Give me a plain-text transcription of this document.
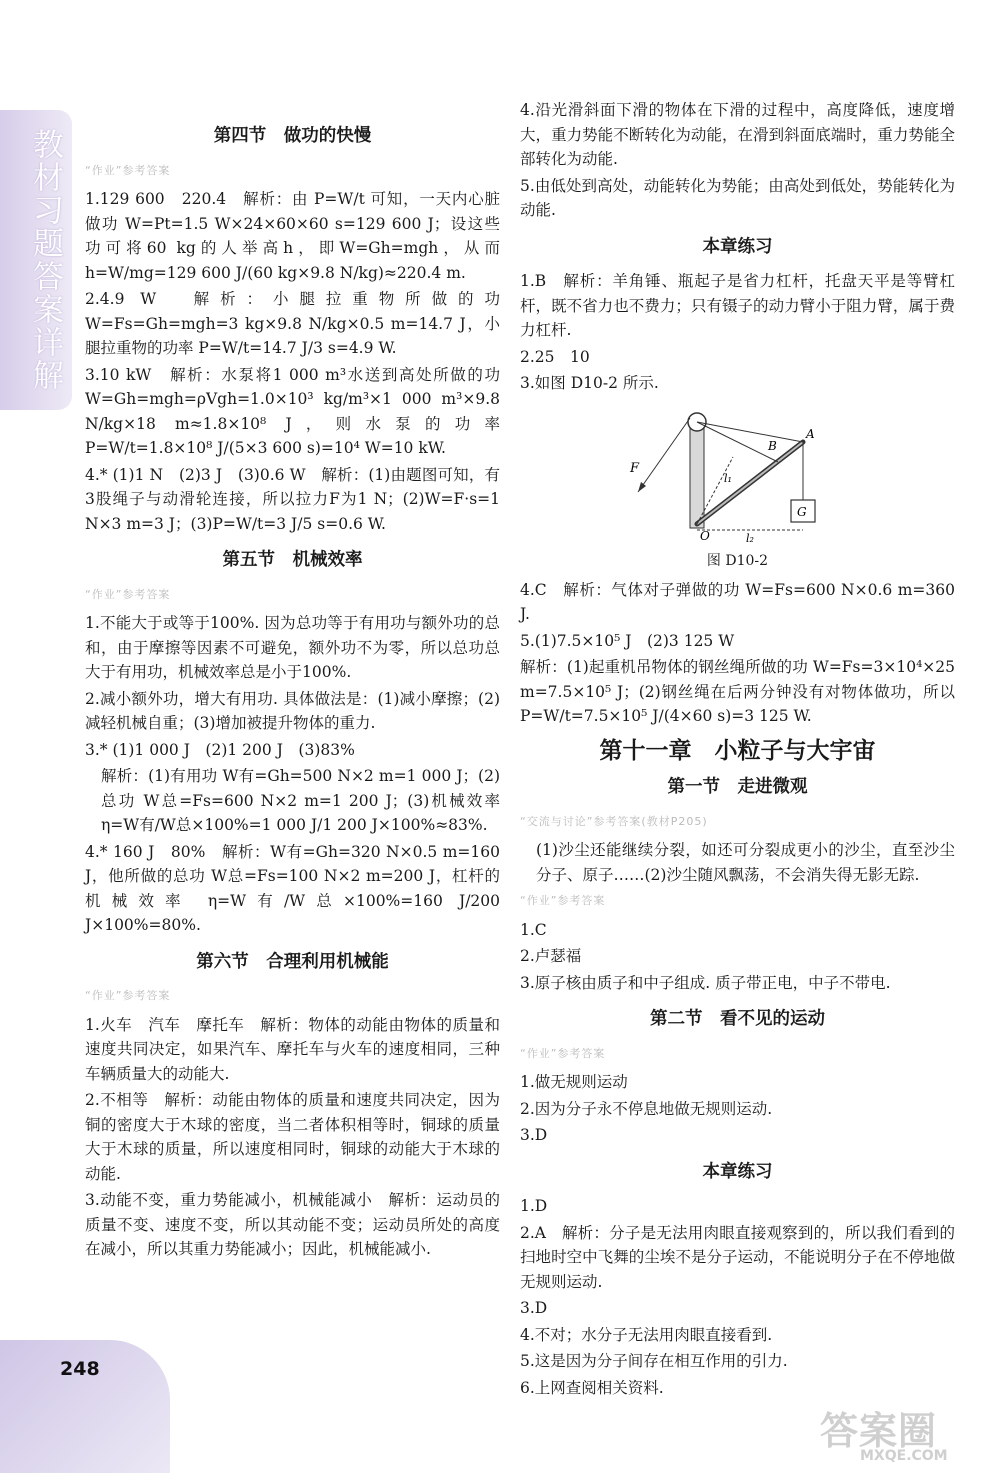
教材习题答案详解	第四节　做功的快慢
“作业”参考答案
1.129 600　220.4　解析：由 P=W/t 可知，一天内心脏做功 W=Pt=1.5 W×24×60×60 s=129 600 J；设这些功可将60 kg的人举高h，即W=Gh=mgh，从而h=W/mg=129 600 J/(60 kg×9.8 N/kg)≈220.4 m.
2.4.9 W　解析：小腿拉重物所做的功 W=Fs=Gh=mgh=3 kg×9.8 N/kg×0.5 m=14.7 J，小腿拉重物的功率 P=W/t=14.7 J/3 s=4.9 W.
3.10 kW　解析：水泵将1 000 m³水送到高处所做的功 W=Gh=mgh=ρVgh=1.0×10³ kg/m³×1 000 m³×9.8 N/kg×18 m≈1.8×10⁸ J，则水泵的功率 P=W/t=1.8×10⁸ J/(5×3 600 s)=10⁴ W=10 kW.
4.* (1)1 N　(2)3 J　(3)0.6 W　解析：(1)由题图可知，有3股绳子与动滑轮连接，所以拉力F为1 N；(2)W=F·s=1 N×3 m=3 J；(3)P=W/t=3 J/5 s=0.6 W.
第五节　机械效率
“作业”参考答案
1.不能大于或等于100%. 因为总功等于有用功与额外功的总和，由于摩擦等因素不可避免，额外功不为零，所以总功总大于有用功，机械效率总是小于100%.
2.减小额外功，增大有用功. 具体做法是：(1)减小摩擦；(2)减轻机械自重；(3)增加被提升物体的重力.
3.* (1)1 000 J　(2)1 200 J　(3)83%
解析：(1)有用功 W有=Gh=500 N×2 m=1 000 J；(2)总功 W总=Fs=600 N×2 m=1 200 J；(3)机械效率 η=W有/W总×100%=1 000 J/1 200 J×100%≈83%.
4.* 160 J　80%　解析：W有=Gh=320 N×0.5 m=160 J，他所做的总功 W总=Fs=100 N×2 m=200 J，杠杆的机械效率 η=W有/W总×100%=160 J/200 J×100%=80%.
第六节　合理利用机械能
“作业”参考答案
1.火车　汽车　摩托车　解析：物体的动能由物体的质量和速度共同决定，如果汽车、摩托车与火车的速度相同，三种车辆质量大的动能大.
2.不相等　解析：动能由物体的质量和速度共同决定，因为铜的密度大于木球的密度，当二者体积相等时，铜球的质量大于木球的质量，所以速度相同时，铜球的动能大于木球的动能.
3.动能不变，重力势能减小，机械能减小　解析：运动员的质量不变、速度不变，所以其动能不变；运动员所处的高度在减小，所以其重力势能减小；因此，机械能减小.
4.沿光滑斜面下滑的物体在下滑的过程中，高度降低，速度增大，重力势能不断转化为动能，在滑到斜面底端时，重力势能全部转化为动能.
5.由低处到高处，动能转化为势能；由高处到低处，势能转化为动能.
本章练习
1.B　解析：羊角锤、瓶起子是省力杠杆，托盘天平是等臂杠杆，既不省力也不费力；只有镊子的动力臂小于阻力臂，属于费力杠杆.
2.25　10
3.如图 D10-2 所示.
F
B
A
l₁
l₂
O
G
图 D10-2
4.C　解析：气体对子弹做的功 W=Fs=600 N×0.6 m=360 J.
5.(1)7.5×10⁵ J　(2)3 125 W
解析：(1)起重机吊物体的钢丝绳所做的功 W=Fs=3×10⁴×25 m=7.5×10⁵ J；(2)钢丝绳在后两分钟没有对物体做功，所以 P=W/t=7.5×10⁵ J/(4×60 s)=3 125 W.
第十一章　小粒子与大宇宙
第一节　走进微观
“交流与讨论”参考答案(教材P205)
(1)沙尘还能继续分裂，如还可分裂成更小的沙尘，直至沙尘分子、原子……(2)沙尘随风飘荡，不会消失得无影无踪.
“作业”参考答案
1.C
2.卢瑟福
3.原子核由质子和中子组成. 质子带正电，中子不带电.
第二节　看不见的运动
“作业”参考答案
1.做无规则运动
2.因为分子永不停息地做无规则运动.
3.D
本章练习
1.D
2.A　解析：分子是无法用肉眼直接观察到的，所以我们看到的扫地时空中飞舞的尘埃不是分子运动，不能说明分子在不停地做无规则运动.
3.D
4.不对；水分子无法用肉眼直接看到.
5.这是因为分子间存在相互作用的引力.
6.上网查阅相关资料.
248
答案圈
MXQE.COM
